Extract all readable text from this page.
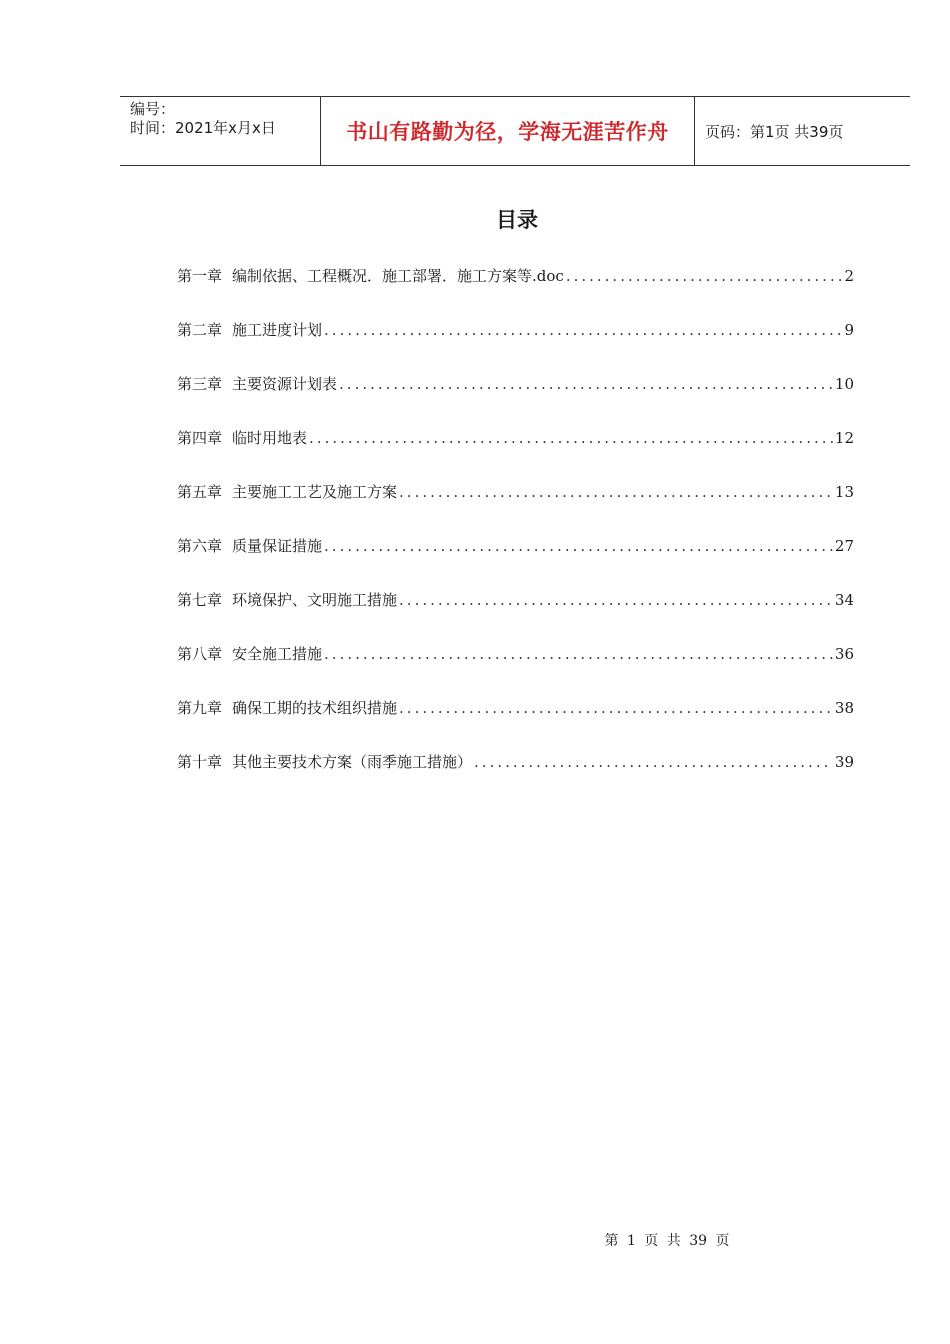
编号：
时间：2021年x月x日	书山有路勤为径，学海无涯苦作舟 页码：第1页 共39页
目录
第一章 编制依据、工程概况．施工部署．施工方案等.doc .....	2
第二章 施工进度计划 .....	9
第三章 主要资源计划表 .....	10
第四章 临时用地表 .....	12
第五章 主要施工工艺及施工方案 .....	13
第六章 质量保证措施 .....	27
第七章 环境保护、文明施工措施 .....	34
第八章 安全施工措施 .....	36
第九章 确保工期的技术组织措施 .....	38
第十章 其他主要技术方案（雨季施工措施） .....	39
第 1 页 共 39 页
